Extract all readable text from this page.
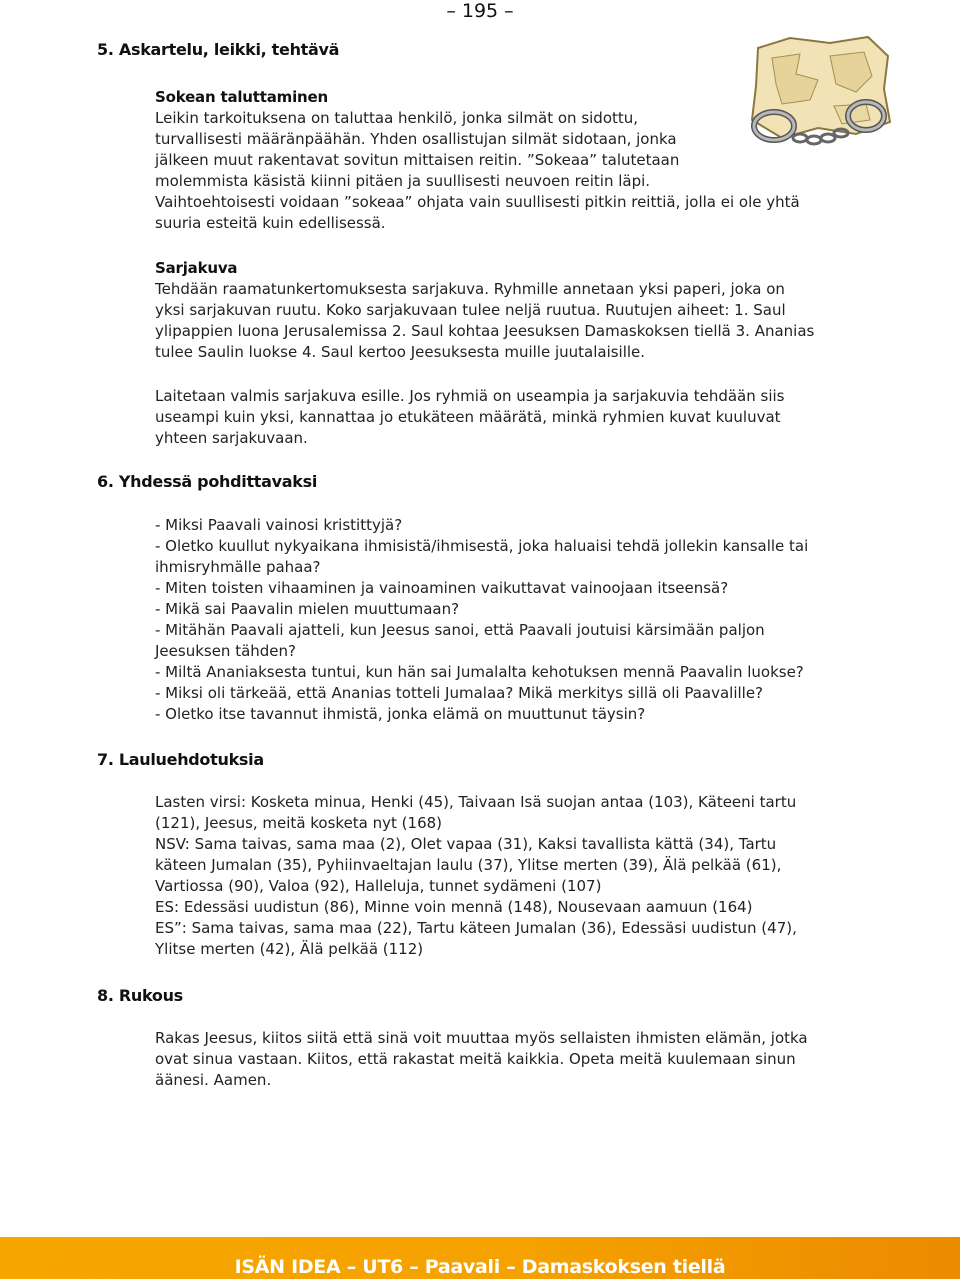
– 195 –
5. Askartelu, leikki, tehtävä
Sokean taluttaminen
Leikin tarkoituksena on taluttaa henkilö, jonka silmät on sidottu,
turvallisesti määränpäähän. Yhden osallistujan silmät sidotaan, jonka
jälkeen muut rakentavat sovitun mittaisen reitin. ”Sokeaa” talutetaan
molemmista käsistä kiinni pitäen ja suullisesti neuvoen reitin läpi.
Vaihtoehtoisesti voidaan ”sokeaa” ohjata vain suullisesti pitkin reittiä, jolla ei ole yhtä
suuria esteitä kuin edellisessä.
Sarjakuva
Tehdään raamatunkertomuksesta sarjakuva. Ryhmille annetaan yksi paperi, joka on
yksi sarjakuvan ruutu. Koko sarjakuvaan tulee neljä ruutua. Ruutujen aiheet: 1. Saul
ylipappien luona Jerusalemissa 2. Saul kohtaa Jeesuksen Damaskoksen tiellä 3. Ananias
tulee Saulin luokse 4. Saul kertoo Jeesuksesta muille juutalaisille.
Laitetaan valmis sarjakuva esille. Jos ryhmiä on useampia ja sarjakuvia tehdään siis
useampi kuin yksi, kannattaa jo etukäteen määrätä, minkä ryhmien kuvat kuuluvat
yhteen sarjakuvaan.
6. Yhdessä pohdittavaksi
- Miksi Paavali vainosi kristittyjä?
- Oletko kuullut nykyaikana ihmisistä/ihmisestä, joka haluaisi tehdä jollekin kansalle tai
ihmisryhmälle pahaa?
- Miten toisten vihaaminen ja vainoaminen vaikuttavat vainoojaan itseensä?
- Mikä sai Paavalin mielen muuttumaan?
- Mitähän Paavali ajatteli, kun Jeesus sanoi, että Paavali joutuisi kärsimään paljon
Jeesuksen tähden?
- Miltä Ananiaksesta tuntui, kun hän sai Jumalalta kehotuksen mennä Paavalin luokse?
- Miksi oli tärkeää, että Ananias totteli Jumalaa? Mikä merkitys sillä oli Paavalille?
- Oletko itse tavannut ihmistä, jonka elämä on muuttunut täysin?
7. Lauluehdotuksia
Lasten virsi: Kosketa minua, Henki (45), Taivaan Isä suojan antaa (103), Käteeni tartu
(121), Jeesus, meitä kosketa nyt (168)
NSV: Sama taivas, sama maa (2), Olet vapaa (31), Kaksi tavallista kättä (34), Tartu
käteen Jumalan (35), Pyhiinvaeltajan laulu (37), Ylitse merten (39), Älä pelkää (61),
Vartiossa (90), Valoa (92), Halleluja, tunnet sydämeni (107)
ES: Edessäsi uudistun (86), Minne voin mennä (148), Nousevaan aamuun (164)
ES”: Sama taivas, sama maa (22), Tartu käteen Jumalan (36), Edessäsi uudistun (47),
Ylitse merten (42), Älä pelkää (112)
8. Rukous
Rakas Jeesus, kiitos siitä että sinä voit muuttaa myös sellaisten ihmisten elämän, jotka
ovat sinua vastaan. Kiitos, että rakastat meitä kaikkia. Opeta meitä kuulemaan sinun
äänesi. Aamen.
ISÄN IDEA – UT6 – Paavali – Damaskoksen tiellä
